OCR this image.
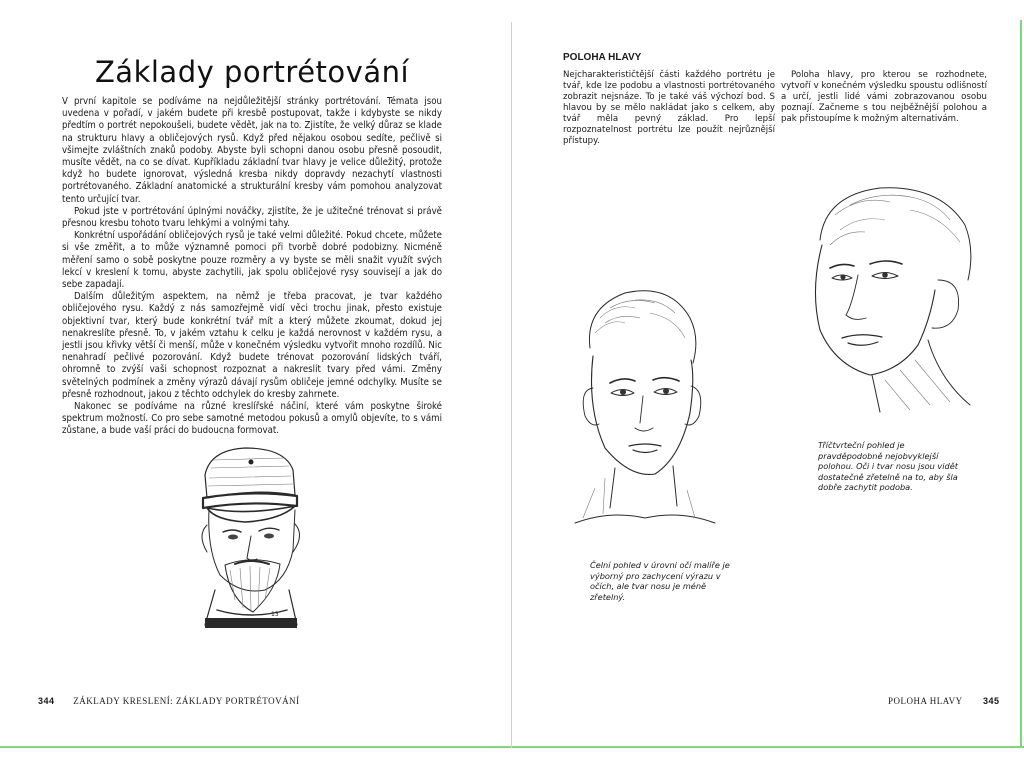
Základy portrétování

V první kapitole se podíváme na nejdůležitější stránky portrétování. Témata jsou uvedena v pořadí, v jakém budete při kresbě postupovat, takže i kdybyste se nikdy předtím o portrét nepokoušeli, budete vědět, jak na to. Zjistíte, že velký důraz se klade na strukturu hlavy a obličejových rysů. Když před nějakou osobou sedíte, pečlivě si všimejte zvláštních znaků podoby. Abyste byli schopni danou osobu přesně posoudit, musíte vědět, na co se dívat. Kupříkladu základní tvar hlavy je velice důležitý, protože když ho budete ignorovat, výsledná kresba nikdy dopravdy nezachytí vlastnosti portrétovaného. Základní anatomické a strukturální kresby vám pomohou analyzovat tento určující tvar.

Pokud jste v portrétování úplnými nováčky, zjistíte, že je užitečné trénovat si právě přesnou kresbu tohoto tvaru lehkými a volnými tahy.

Konkrétní uspořádání obličejových rysů je také velmi důležité. Pokud chcete, můžete si vše změřit, a to může významně pomoci při tvorbě dobré podobizny. Nicméně měření samo o sobě poskytne pouze rozměry a vy byste se měli snažit využít svých lekcí v kreslení k tomu, abyste zachytili, jak spolu obličejové rysy souvisejí a jak do sebe zapadají.

Dalším důležitým aspektem, na němž je třeba pracovat, je tvar každého obličejového rysu. Každý z nás samozřejmě vidí věci trochu jinak, přesto existuje objektivní tvar, který bude konkrétní tvář mít a který můžete zkoumat, dokud jej nenakreslíte přesně. To, v jakém vztahu k celku je každá nerovnost v každém rysu, a jestli jsou křivky větší či menší, může v konečném výsledku vytvořit mnoho rozdílů. Nic nenahradí pečlivé pozorování. Když budete trénovat pozorování lidských tváří, ohromně to zvýší vaši schopnost rozpoznat a nakreslit tvary před vámi. Změny světelných podmínek a změny výrazů dávají rysům obličeje jemné odchylky. Musíte se přesně rozhodnout, jakou z těchto odchylek do kresby zahrnete.

Nakonec se podíváme na různé kreslířské náčiní, které vám poskytne široké spektrum možností. Co pro sebe samotné metodou pokusů a omylů objevíte, to s vámi zůstane, a bude vaší práci do budoucna formovat.

13
344 ZÁKLADY KRESLENÍ: ZÁKLADY PORTRÉTOVÁNÍ
POLOHA HLAVY

Nejcharakterističtější části každého portrétu je tvář, kde lze podobu a vlastnosti portrétovaného zobrazit nejsnáze. To je také váš výchozí bod. S hlavou by se mělo nakládat jako s celkem, aby tvář měla pevný základ. Pro lepší rozpoznatelnost portrétu lze použít nejrůznější přístupy.

Poloha hlavy, pro kterou se rozhodnete, vytvoří v konečném výsledku spoustu odlišností a určí, jestli lidé vámi zobrazovanou osobu poznají. Začneme s tou nejběžnější polohou a pak přistoupíme k možným alternativám.

Čelní pohled v úrovni očí malíře je výborný pro zachycení výrazu v očích, ale tvar nosu je méně zřetelný.
Tříčtvrteční pohled je pravděpodobně nejobvyklejší polohou. Oči i tvar nosu jsou vidět dostatečně zřetelně na to, aby šla dobře zachytit podoba.
POLOHA HLAVY 345
